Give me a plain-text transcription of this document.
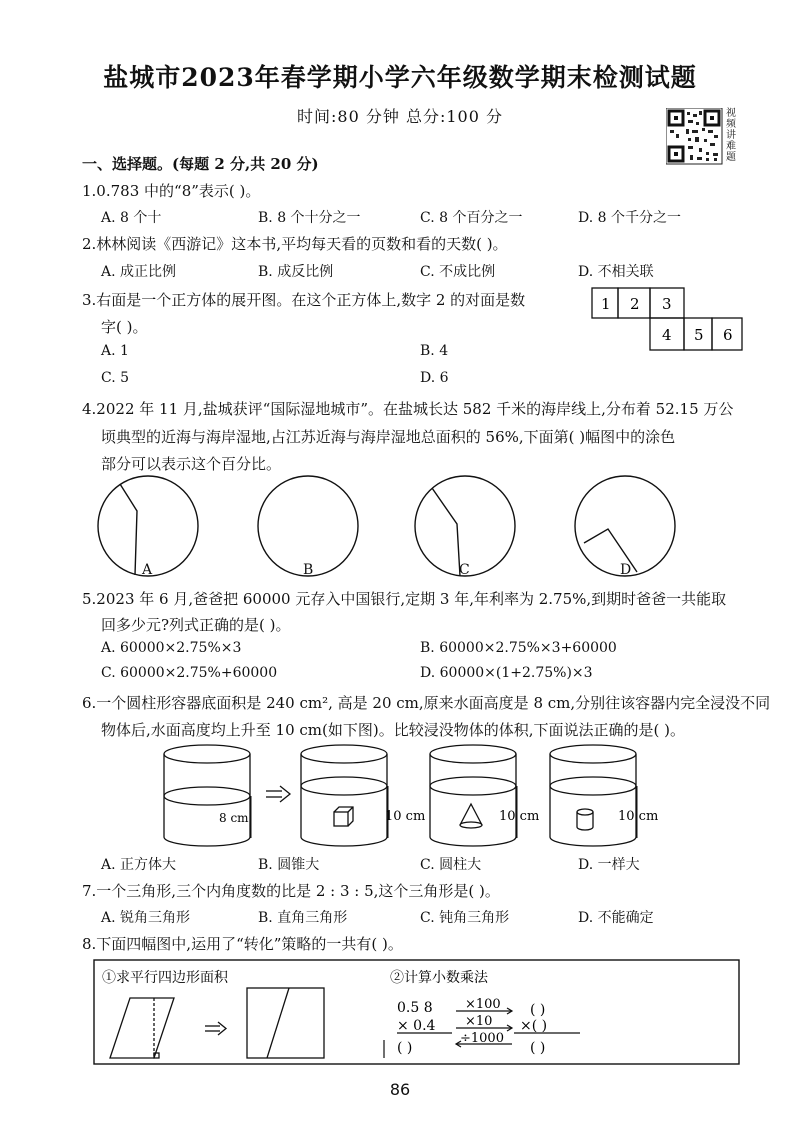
盐城市2023年春学期小学六年级数学期末检测试题
时间:80 分钟 总分:100 分	视频讲难题
一、选择题。(每题 2 分,共 20 分)
1.0.783 中的“8”表示( )。
A. 8 个十	B. 8 个十分之一	C. 8 个百分之一	D. 8 个千分之一
2.林林阅读《西游记》这本书,平均每天看的页数和看的天数( )。
A. 成正比例	B. 成反比例	C. 不成比例	D. 不相关联
3.右面是一个正方体的展开图。在这个正方体上,数字 2 的对面是数
字( )。
A. 1	B. 4
C. 5	D. 6
1 2 3
4 5 6
4.2022 年 11 月,盐城获评“国际湿地城市”。在盐城长达 582 千米的海岸线上,分布着 52.15 万公
顷典型的近海与海岸湿地,占江苏近海与海岸湿地总面积的 56%,下面第( )幅图中的涂色
部分可以表示这个百分比。
A	B	C	D
5.2023 年 6 月,爸爸把 60000 元存入中国银行,定期 3 年,年利率为 2.75%,到期时爸爸一共能取
回多少元?列式正确的是( )。
A. 60000×2.75%×3	B. 60000×2.75%×3+60000
C. 60000×2.75%+60000	D. 60000×(1+2.75%)×3
6.一个圆柱形容器底面积是 240 cm², 高是 20 cm,原来水面高度是 8 cm,分别往该容器内完全浸没不同
物体后,水面高度均上升至 10 cm(如下图)。比较浸没物体的体积,下面说法正确的是( )。
8 cm	10 cm	10 cm	10 cm
A. 正方体大	B. 圆锥大	C. 圆柱大	D. 一样大
7.一个三角形,三个内角度数的比是 2 : 3 : 5,这个三角形是( )。
A. 锐角三角形	B. 直角三角形	C. 钝角三角形	D. 不能确定
8.下面四幅图中,运用了“转化”策略的一共有( )。
①求平行四边形面积	②计算小数乘法
0.5 8
× 0.4
( )
×100
×10
÷1000
( )
×( )
( )
86
